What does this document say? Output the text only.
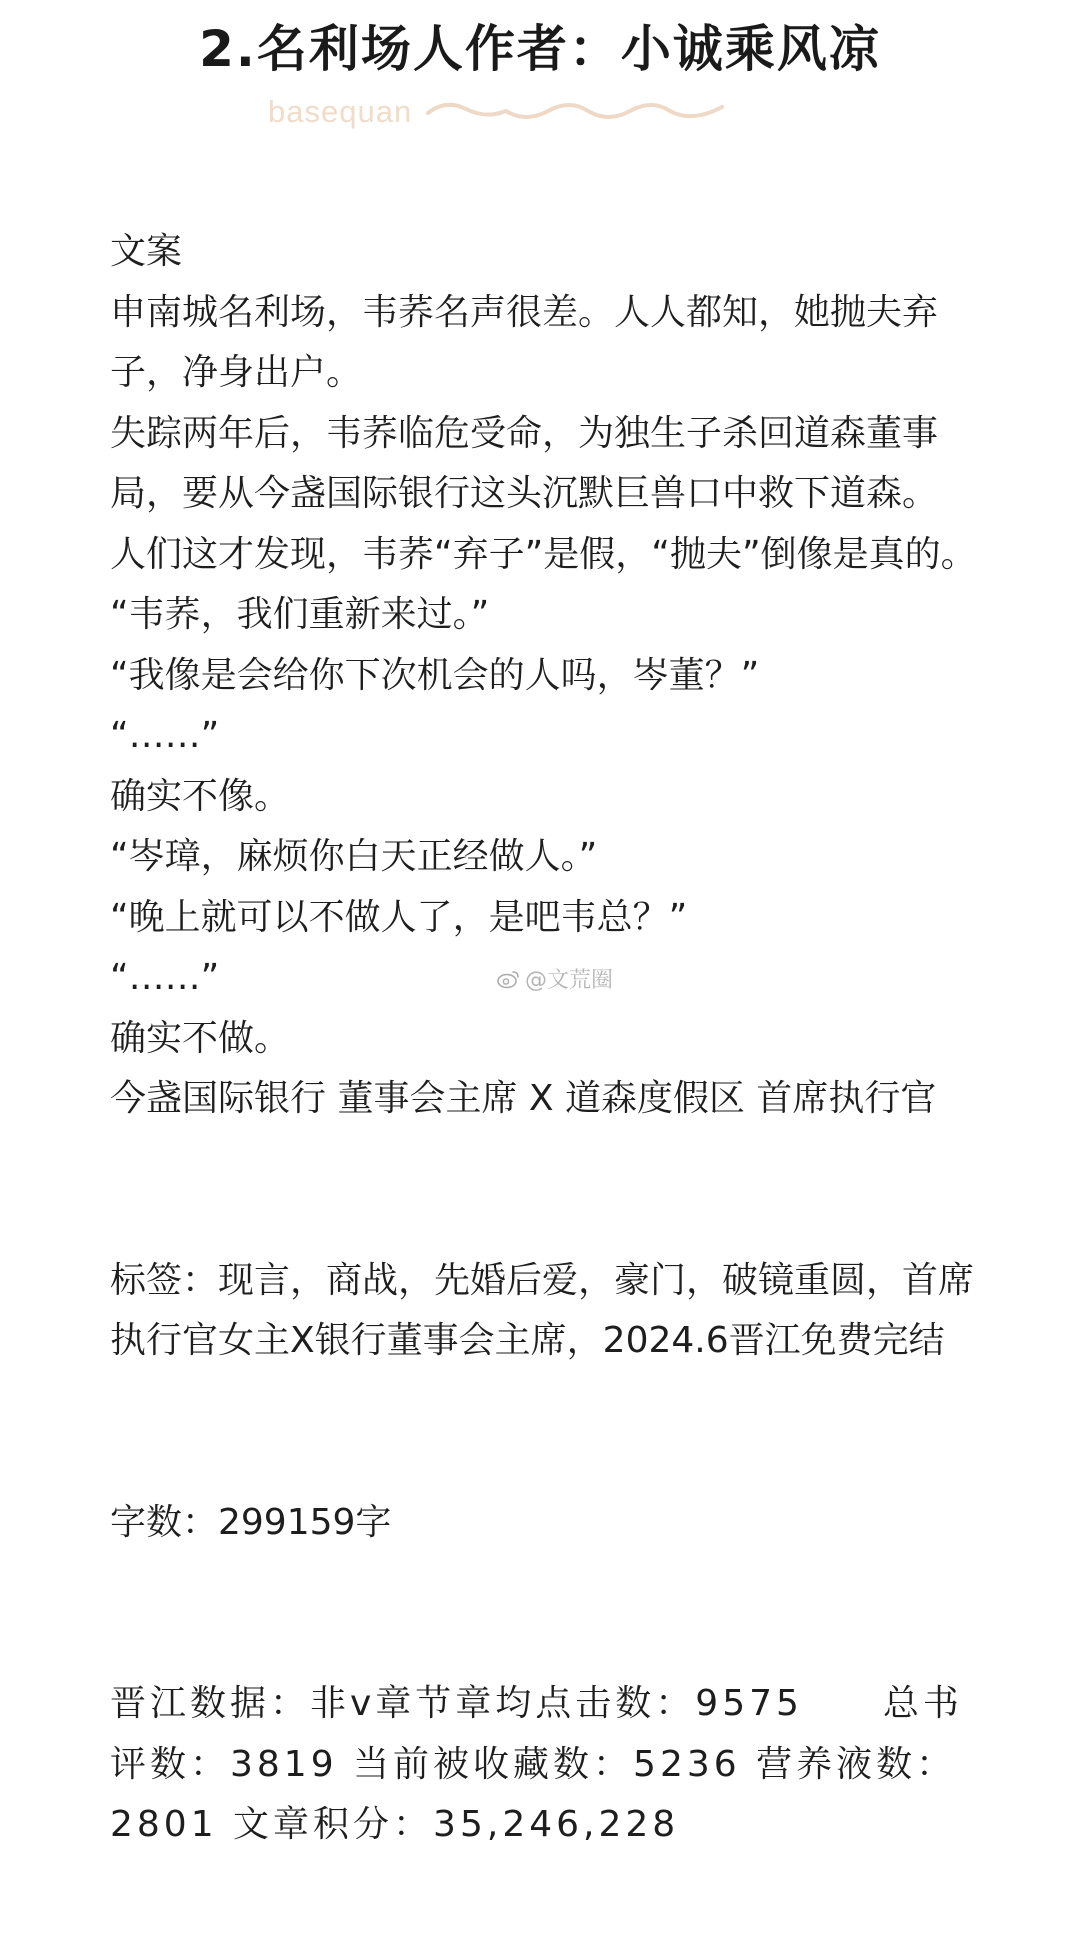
2.名利场人作者：小诚乘风凉
basequan

文案

申南城名利场，韦荞名声很差。人人都知，她抛夫弃子，净身出户。

失踪两年后，韦荞临危受命，为独生子杀回道森董事局，要从今盏国际银行这头沉默巨兽口中救下道森。

人们这才发现，韦荞“弃子”是假，“抛夫”倒像是真的。

“韦荞，我们重新来过。”

“我像是会给你下次机会的人吗，岑董？”

“……”

确实不像。

“岑璋，麻烦你白天正经做人。”

“晚上就可以不做人了，是吧韦总？”

“……”

确实不做。

今盏国际银行 董事会主席 X 道森度假区 首席执行官

标签：现言，商战，先婚后爱，豪门，破镜重圆，首席执行官女主X银行董事会主席，2024.6晋江免费完结

字数：299159字

晋江数据：非v章节章均点击数：9575　　总书评数：3819 当前被收藏数：5236 营养液数：2801 文章积分：35,246,228

@文荒圈
